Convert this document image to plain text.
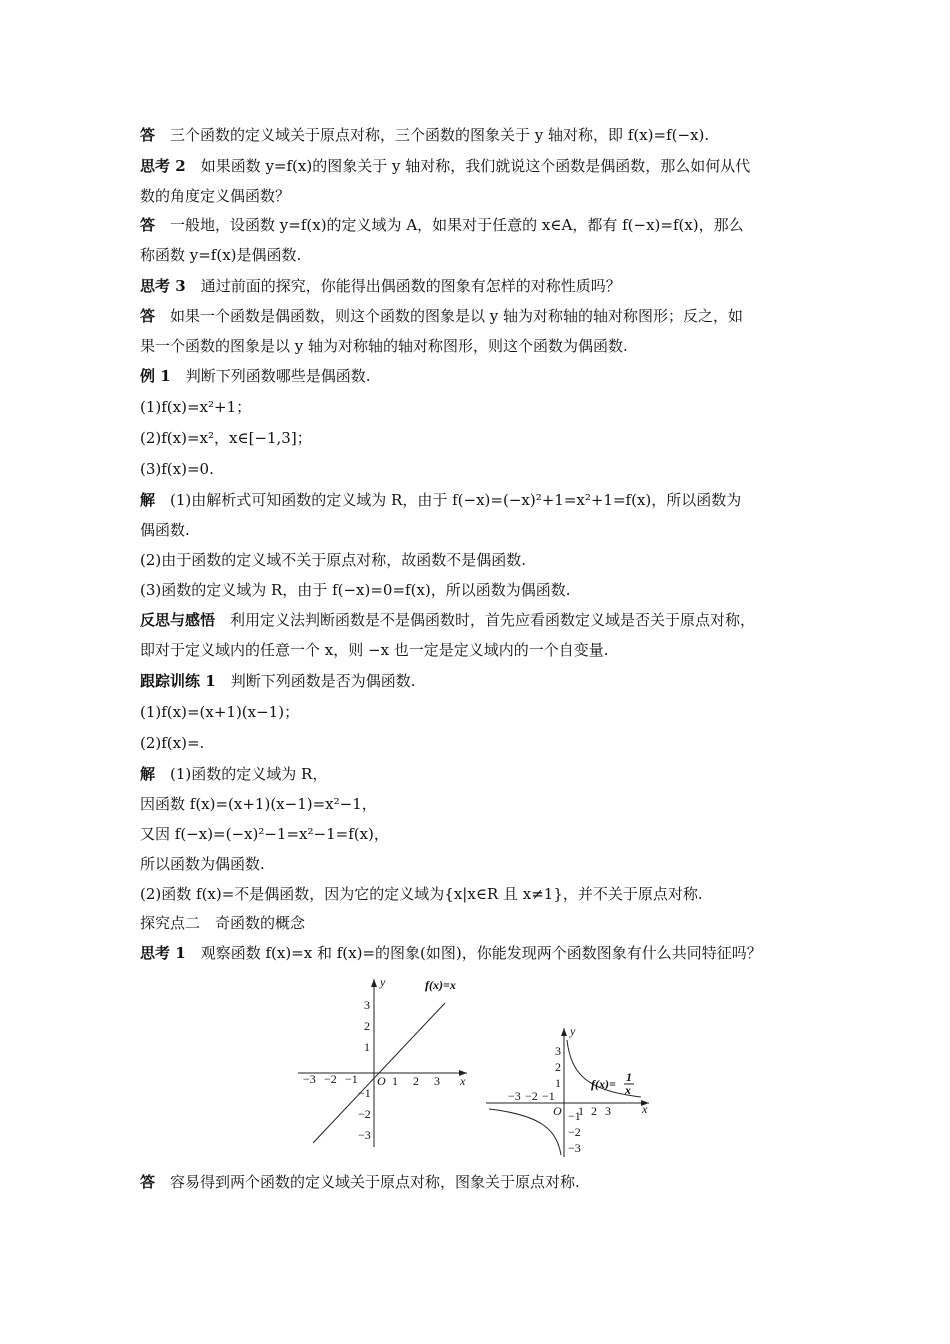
答　 三个函数的定义域关于原点对称，三个函数的图象关于 y 轴对称，即 f(x)=f(−x).
思考 2　 如果函数 y=f(x)的图象关于 y 轴对称，我们就说这个函数是偶函数，那么如何从代
数的角度定义偶函数？
答　 一般地，设函数 y=f(x)的定义域为 A，如果对于任意的 x∈A，都有 f(−x)=f(x)，那么
称函数 y=f(x)是偶函数.
思考 3　 通过前面的探究，你能得出偶函数的图象有怎样的对称性质吗？
答　 如果一个函数是偶函数，则这个函数的图象是以 y 轴为对称轴的轴对称图形；反之，如
果一个函数的图象是以 y 轴为对称轴的轴对称图形，则这个函数为偶函数.
例 1　 判断下列函数哪些是偶函数.
(1)f(x)=x²+1；
(2)f(x)=x²，x∈[−1,3]；
(3)f(x)=0.
解　 (1)由解析式可知函数的定义域为 R，由于 f(−x)=(−x)²+1=x²+1=f(x)，所以函数为
偶函数.
(2)由于函数的定义域不关于原点对称，故函数不是偶函数.
(3)函数的定义域为 R，由于 f(−x)=0=f(x)，所以函数为偶函数.
反思与感悟　 利用定义法判断函数是不是偶函数时，首先应看函数定义域是否关于原点对称，
即对于定义域内的任意一个 x，则 −x 也一定是定义域内的一个自变量.
跟踪训练 1　 判断下列函数是否为偶函数.
(1)f(x)=(x+1)(x−1)；
(2)f(x)=.
解　 (1)函数的定义域为 R，
因函数 f(x)=(x+1)(x−1)=x²−1，
又因 f(−x)=(−x)²−1=x²−1=f(x)，
所以函数为偶函数.
(2)函数 f(x)=不是偶函数，因为它的定义域为{x|x∈R 且 x≠1}，并不关于原点对称.
探究点二　奇函数的概念
思考 1　 观察函数 f(x)=x 和 f(x)=的图象(如图)，你能发现两个函数图象有什么共同特征吗？
x
y
O
f(x)=x
−3 −2 −1	1 2 3
3
2
1
−1
−2
−3
x
y
O
f(x)= 1
x
−3 −2 −1
1 2 3
3
2
1
−1
−2
−3
答　 容易得到两个函数的定义域关于原点对称，图象关于原点对称.
